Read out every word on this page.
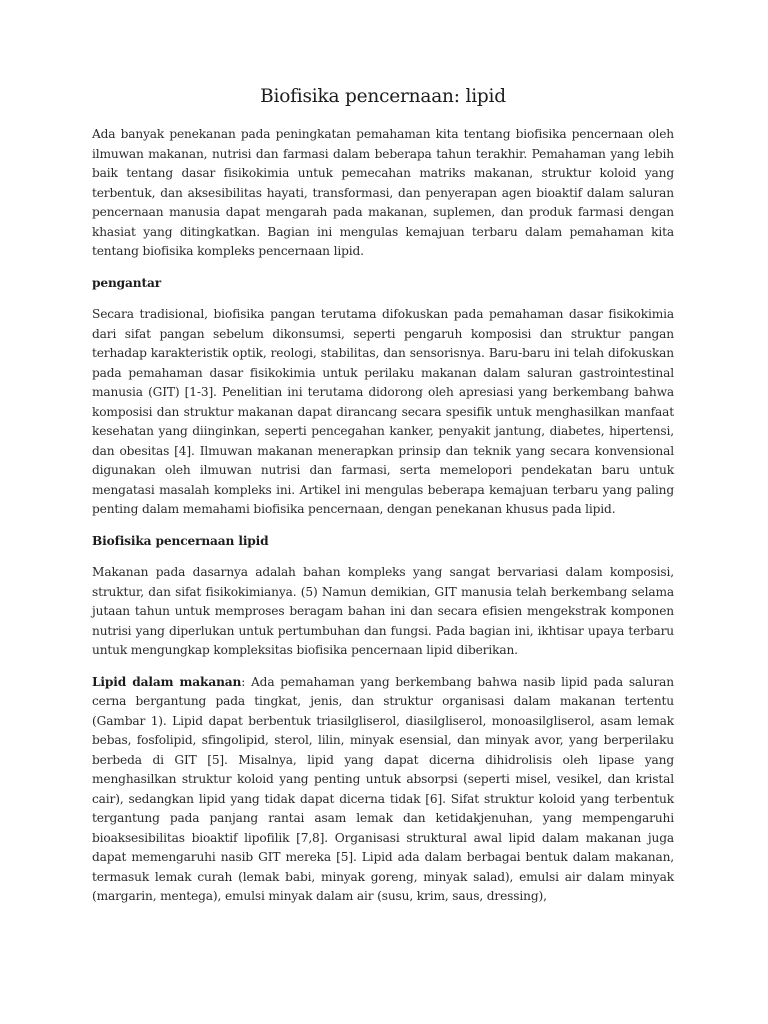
Biofisika pencernaan: lipid

Ada banyak penekanan pada peningkatan pemahaman kita tentang biofisika pencernaan oleh ilmuwan makanan, nutrisi dan farmasi dalam beberapa tahun terakhir. Pemahaman yang lebih baik tentang dasar fisikokimia untuk pemecahan matriks makanan, struktur koloid yang terbentuk, dan aksesibilitas hayati, transformasi, dan penyerapan agen bioaktif dalam saluran pencernaan manusia dapat mengarah pada makanan, suplemen, dan produk farmasi dengan khasiat yang ditingkatkan. Bagian ini mengulas kemajuan terbaru dalam pemahaman kita tentang biofisika kompleks pencernaan lipid.

pengantar

Secara tradisional, biofisika pangan terutama difokuskan pada pemahaman dasar fisikokimia dari sifat pangan sebelum dikonsumsi, seperti pengaruh komposisi dan struktur pangan terhadap karakteristik optik, reologi, stabilitas, dan sensorisnya. Baru-baru ini telah difokuskan pada pemahaman dasar fisikokimia untuk perilaku makanan dalam saluran gastrointestinal manusia (GIT) [1-3]. Penelitian ini terutama didorong oleh apresiasi yang berkembang bahwa komposisi dan struktur makanan dapat dirancang secara spesifik untuk menghasilkan manfaat kesehatan yang diinginkan, seperti pencegahan kanker, penyakit jantung, diabetes, hipertensi, dan obesitas [4]. Ilmuwan makanan menerapkan prinsip dan teknik yang secara konvensional digunakan oleh ilmuwan nutrisi dan farmasi, serta memelopori pendekatan baru untuk mengatasi masalah kompleks ini. Artikel ini mengulas beberapa kemajuan terbaru yang paling penting dalam memahami biofisika pencernaan, dengan penekanan khusus pada lipid.

Biofisika pencernaan lipid

Makanan pada dasarnya adalah bahan kompleks yang sangat bervariasi dalam komposisi, struktur, dan sifat fisikokimianya. (5) Namun demikian, GIT manusia telah berkembang selama jutaan tahun untuk memproses beragam bahan ini dan secara efisien mengekstrak komponen nutrisi yang diperlukan untuk pertumbuhan dan fungsi. Pada bagian ini, ikhtisar upaya terbaru untuk mengungkap kompleksitas biofisika pencernaan lipid diberikan.

Lipid dalam makanan: Ada pemahaman yang berkembang bahwa nasib lipid pada saluran cerna bergantung pada tingkat, jenis, dan struktur organisasi dalam makanan tertentu (Gambar 1). Lipid dapat berbentuk triasilgliserol, diasilgliserol, monoasilgliserol, asam lemak bebas, fosfolipid, sfingolipid, sterol, lilin, minyak esensial, dan minyak avor, yang berperilaku berbeda di GIT [5]. Misalnya, lipid yang dapat dicerna dihidrolisis oleh lipase yang menghasilkan struktur koloid yang penting untuk absorpsi (seperti misel, vesikel, dan kristal cair), sedangkan lipid yang tidak dapat dicerna tidak [6]. Sifat struktur koloid yang terbentuk tergantung pada panjang rantai asam lemak dan ketidakjenuhan, yang mempengaruhi bioaksesibilitas bioaktif lipofilik [7,8]. Organisasi struktural awal lipid dalam makanan juga dapat memengaruhi nasib GIT mereka [5]. Lipid ada dalam berbagai bentuk dalam makanan, termasuk lemak curah (lemak babi, minyak goreng, minyak salad), emulsi air dalam minyak (margarin, mentega), emulsi minyak dalam air (susu, krim, saus, dressing),
